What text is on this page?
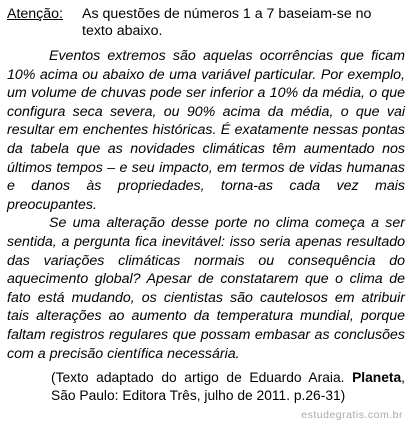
Atenção:	As questões de números 1 a 7 baseiam-se no texto abaixo.

Eventos extremos são aquelas ocorrências que ficam 10% acima ou abaixo de uma variável particular. Por exemplo, um volume de chuvas pode ser inferior a 10% da média, o que configura seca severa, ou 90% acima da média, o que vai resultar em enchentes históricas. É exatamente nessas pontas da tabela que as novidades climáticas têm aumentado nos últimos tempos – e seu impacto, em termos de vidas humanas e danos às propriedades, torna-as cada vez mais preocupantes.

Se uma alteração desse porte no clima começa a ser sentida, a pergunta fica inevitável: isso seria apenas resultado das variações climáticas normais ou consequência do aquecimento global? Apesar de constatarem que o clima de fato está mudando, os cientistas são cautelosos em atribuir tais alterações ao aumento da temperatura mundial, porque faltam registros regulares que possam embasar as conclusões com a precisão científica necessária.

(Texto adaptado do artigo de Eduardo Araia. Planeta, São Paulo: Editora Três, julho de 2011. p.26-31)
estudegratis.com.br
